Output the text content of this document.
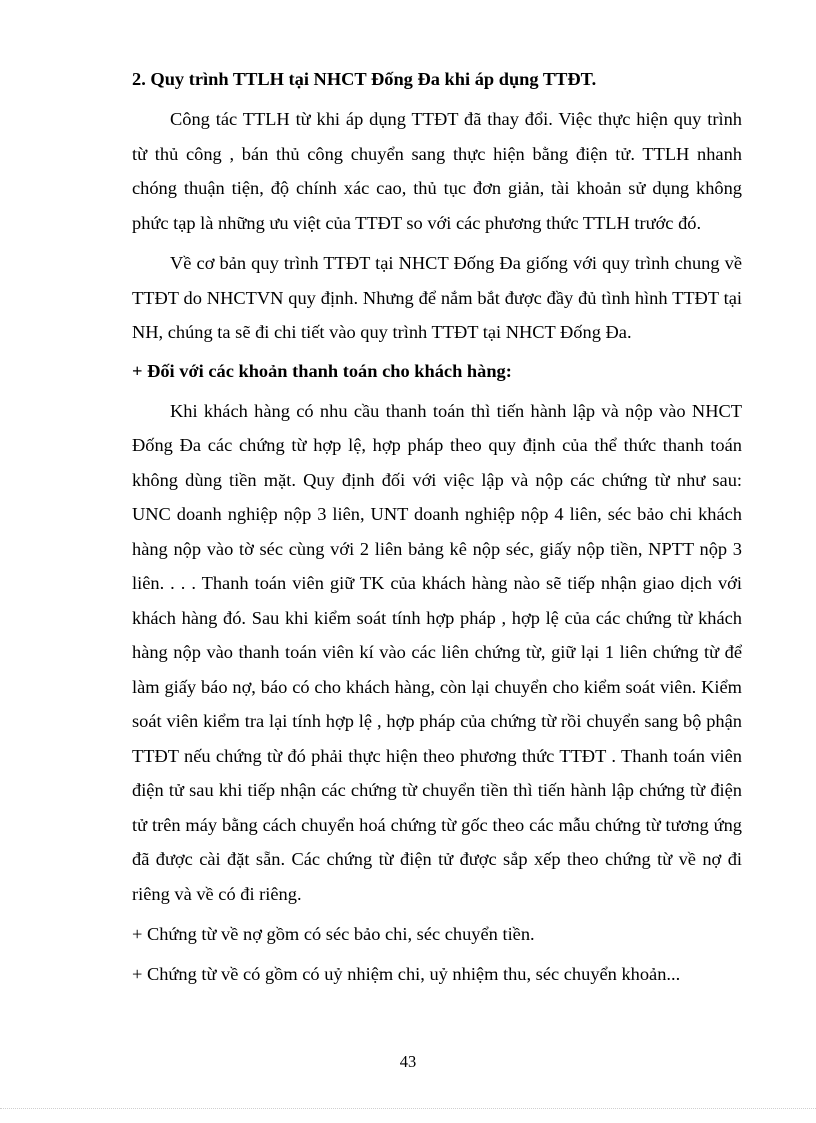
2. Quy trình TTLH tại NHCT Đống Đa khi áp dụng TTĐT.

Công tác TTLH từ khi áp dụng TTĐT đã thay đổi. Việc thực hiện quy trình từ thủ công , bán thủ công chuyển sang thực hiện bằng điện tử. TTLH nhanh chóng thuận tiện, độ chính xác cao, thủ tục đơn giản, tài khoản sử dụng không phức tạp là những ưu việt của TTĐT so với các phương thức TTLH trước đó.

Về cơ bản quy trình TTĐT tại NHCT Đống Đa giống với quy trình chung về TTĐT do NHCTVN quy định. Nhưng để nắm bắt được đầy đủ tình hình TTĐT tại NH, chúng ta sẽ đi chi tiết vào quy trình TTĐT tại NHCT Đống Đa.

+ Đối với các khoản thanh toán cho khách hàng:

Khi khách hàng có nhu cầu thanh toán thì tiến hành lập và nộp vào NHCT Đống Đa các chứng từ hợp lệ, hợp pháp theo quy định của thể thức thanh toán không dùng tiền mặt. Quy định đối với việc lập và nộp các chứng từ như sau: UNC doanh nghiệp nộp 3 liên, UNT doanh nghiệp nộp 4 liên, séc bảo chi khách hàng nộp vào tờ séc cùng với 2 liên bảng kê nộp séc, giấy nộp tiền, NPTT nộp 3 liên. . . . Thanh toán viên giữ TK của khách hàng nào sẽ tiếp nhận giao dịch với khách hàng đó. Sau khi kiểm soát tính hợp pháp , hợp lệ của các chứng từ khách hàng nộp vào thanh toán viên kí vào các liên chứng từ, giữ lại 1 liên chứng từ để làm giấy báo nợ, báo có cho khách hàng, còn lại chuyển cho kiểm soát viên. Kiểm soát viên kiểm tra lại tính hợp lệ , hợp pháp của chứng từ rồi chuyển sang bộ phận TTĐT nếu chứng từ đó phải thực hiện theo phương thức TTĐT . Thanh toán viên điện tử sau khi tiếp nhận các chứng từ chuyển tiền thì tiến hành lập chứng từ điện tử trên máy bằng cách chuyển hoá chứng từ gốc theo các mẫu chứng từ tương ứng đã được cài đặt sẵn. Các chứng từ điện tử được sắp xếp theo chứng từ về nợ đi riêng và về có đi riêng.

+ Chứng từ về nợ gồm có séc bảo chi, séc chuyển tiền.
+ Chứng từ về có gồm có uỷ nhiệm chi, uỷ nhiệm thu, séc chuyển khoản...
43
